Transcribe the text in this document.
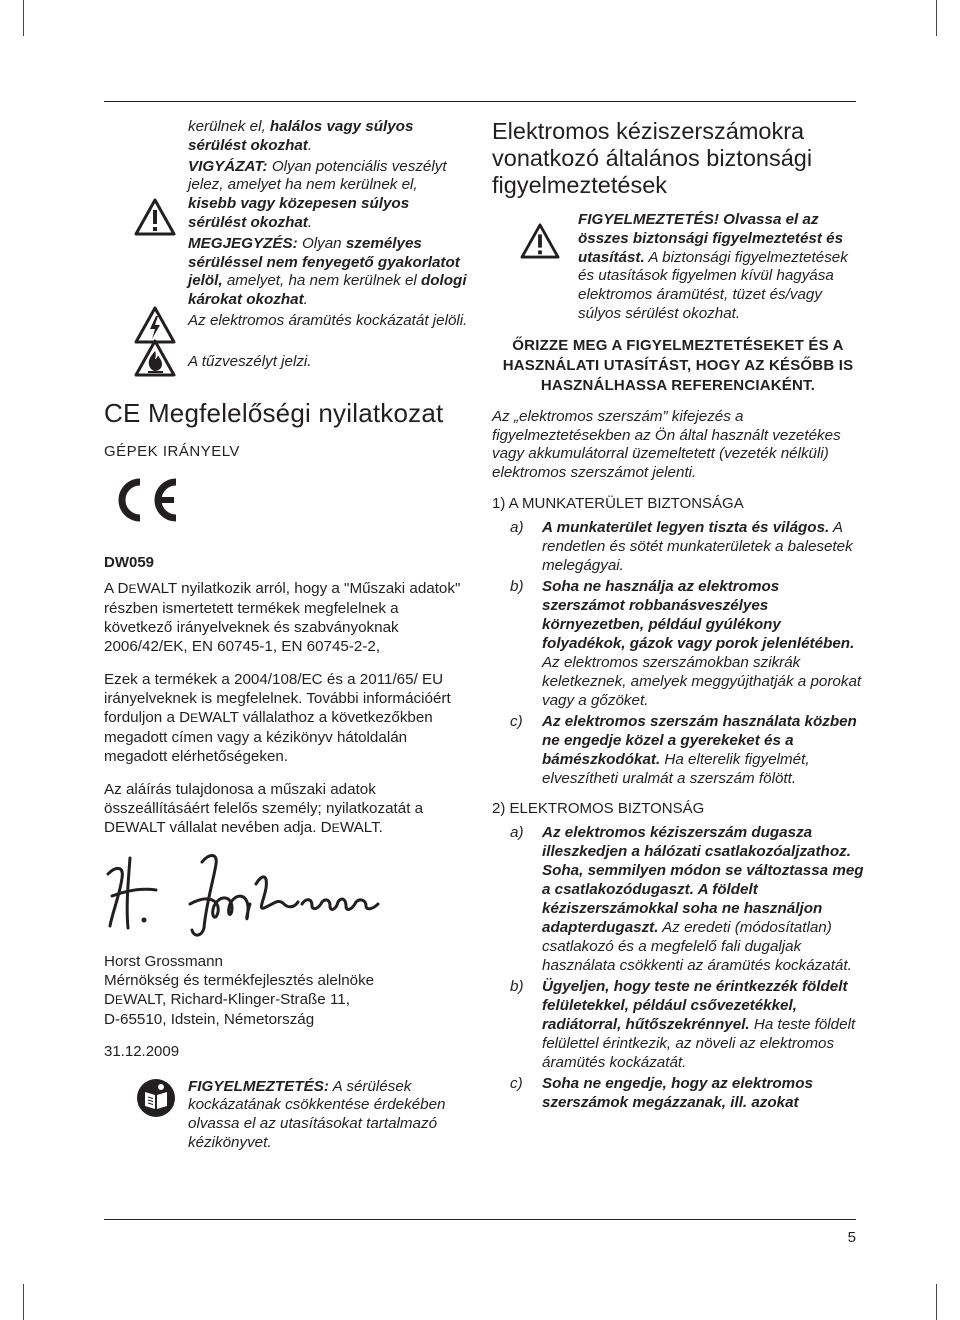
kerülnek el, halálos vagy súlyos sérülést okozhat.

VIGYÁZAT: Olyan potenciális veszélyt jelez, amelyet ha nem kerülnek el, kisebb vagy közepesen súlyos sérülést okozhat.

MEGJEGYZÉS: Olyan személyes sérüléssel nem fenyegető gyakorlatot jelöl, amelyet, ha nem kerülnek el dologi károkat okozhat.

Az elektromos áramütés kockázatát jelöli.

A tűzveszélyt jelzi.

CE Megfelelőségi nyilatkozat

GÉPEK IRÁNYELV

DW059

A DEWALT nyilatkozik arról, hogy a "Műszaki adatok" részben ismertetett termékek megfelelnek a következő irányelveknek és szabványoknak 2006/42/EK, EN 60745-1, EN 60745-2-2,

Ezek a termékek a 2004/108/EC és a 2011/65/ EU irányelveknek is megfelelnek. További információért forduljon a DEWALT vállalathoz a következőkben megadott címen vagy a kézikönyv hátoldalán megadott elérhetőségeken.

Az aláírás tulajdonosa a műszaki adatok összeállításáért felelős személy; nyilatkozatát a DEWALT vállalat nevében adja. DEWALT.

Horst Grossmann
Mérnökség és termékfejlesztés alelnöke
DEWALT, Richard-Klinger-Straße 11,
D-65510, Idstein, Németország

31.12.2009

FIGYELMEZTETÉS: A sérülések kockázatának csökkentése érdekében olvassa el az utasításokat tartalmazó kézikönyvet.

Elektromos kéziszerszámokra vonatkozó általános biztonsági figyelmeztetések

FIGYELMEZTETÉS! Olvassa el az összes biztonsági figyelmeztetést és utasítást. A biztonsági figyelmeztetések és utasítások figyelmen kívül hagyása elektromos áramütést, tüzet és/vagy súlyos sérülést okozhat.

ŐRIZZE MEG A FIGYELMEZTETÉSEKET ÉS A HASZNÁLATI UTASÍTÁST, HOGY AZ KÉSŐBB IS HASZNÁLHASSA REFERENCIAKÉNT.

Az „elektromos szerszám” kifejezés a figyelmeztetésekben az Ön által használt vezetékes vagy akkumulátorral üzemeltetett (vezeték nélküli) elektromos szerszámot jelenti.

1) A MUNKATERÜLET BIZTONSÁGA

a) A munkaterület legyen tiszta és világos. A rendetlen és sötét munkaterületek a balesetek melegágyai.
b) Soha ne használja az elektromos szerszámot robbanásveszélyes környezetben, például gyúlékony folyadékok, gázok vagy porok jelenlétében. Az elektromos szerszámokban szikrák keletkeznek, amelyek meggyújthatják a porokat vagy a gőzöket.
c) Az elektromos szerszám használata közben ne engedje közel a gyerekeket és a bámészkodókat. Ha elterelik figyelmét, elveszítheti uralmát a szerszám fölött.

2) ELEKTROMOS BIZTONSÁG

a) Az elektromos kéziszerszám dugasza illeszkedjen a hálózati csatlakozóaljzathoz. Soha, semmilyen módon se változtassa meg a csatlakozódugaszt. A földelt kéziszerszámokkal soha ne használjon adapterdugaszt. Az eredeti (módosítatlan) csatlakozó és a megfelelő fali dugaljak használata csökkenti az áramütés kockázatát.
b) Ügyeljen, hogy teste ne érintkezzék földelt felületekkel, például csővezetékkel, radiátorral, hűtőszekrénnyel. Ha teste földelt felülettel érintkezik, az növeli az elektromos áramütés kockázatát.
c) Soha ne engedje, hogy az elektromos szerszámok megázzanak, ill. azokat
5
